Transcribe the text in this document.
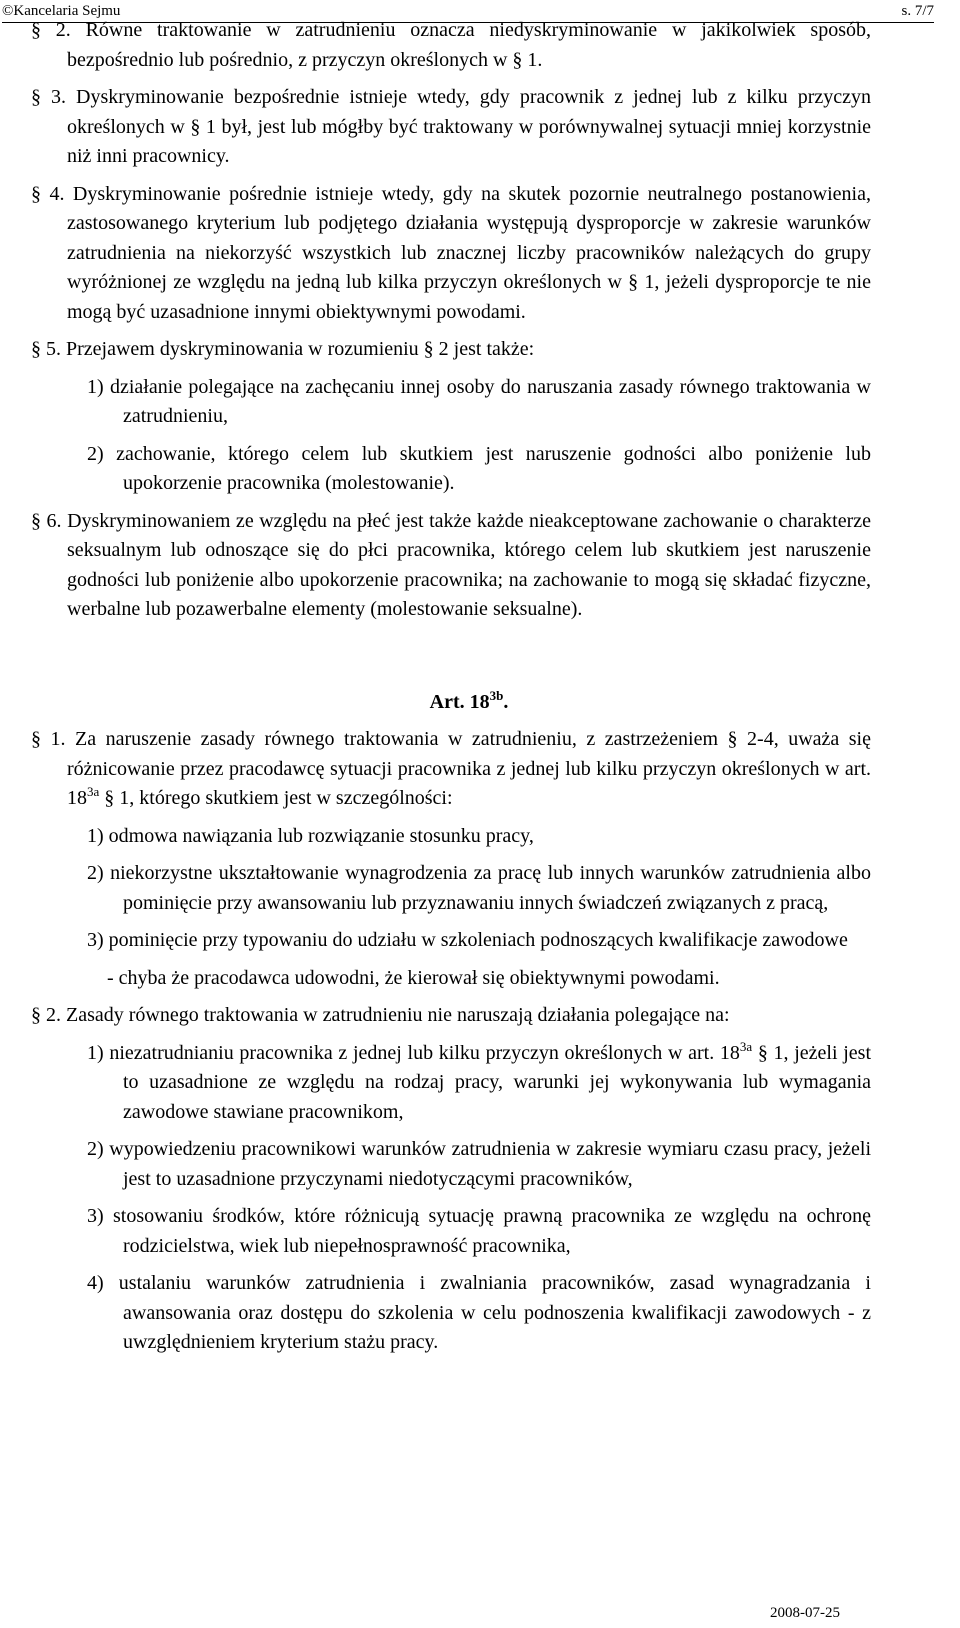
©Kancelaria Sejmu	s. 7/7

§ 2. Równe traktowanie w zatrudnieniu oznacza niedyskryminowanie w jakikolwiek sposób, bezpośrednio lub pośrednio, z przyczyn określonych w § 1.

§ 3. Dyskryminowanie bezpośrednie istnieje wtedy, gdy pracownik z jednej lub z kilku przyczyn określonych w § 1 był, jest lub mógłby być traktowany w porównywalnej sytuacji mniej korzystnie niż inni pracownicy.

§ 4. Dyskryminowanie pośrednie istnieje wtedy, gdy na skutek pozornie neutralnego postanowienia, zastosowanego kryterium lub podjętego działania występują dysproporcje w zakresie warunków zatrudnienia na niekorzyść wszystkich lub znacznej liczby pracowników należących do grupy wyróżnionej ze względu na jedną lub kilka przyczyn określonych w § 1, jeżeli dysproporcje te nie mogą być uzasadnione innymi obiektywnymi powodami.

§ 5. Przejawem dyskryminowania w rozumieniu § 2 jest także:

1) działanie polegające na zachęcaniu innej osoby do naruszania zasady równego traktowania w zatrudnieniu,

2) zachowanie, którego celem lub skutkiem jest naruszenie godności albo poniżenie lub upokorzenie pracownika (molestowanie).

§ 6. Dyskryminowaniem ze względu na płeć jest także każde nieakceptowane zachowanie o charakterze seksualnym lub odnoszące się do płci pracownika, którego celem lub skutkiem jest naruszenie godności lub poniżenie albo upokorzenie pracownika; na zachowanie to mogą się składać fizyczne, werbalne lub pozawerbalne elementy (molestowanie seksualne).

Art. $18^{3b}$.

§ 1. Za naruszenie zasady równego traktowania w zatrudnieniu, z zastrzeżeniem § 2-4, uważa się różnicowanie przez pracodawcę sytuacji pracownika z jednej lub kilku przyczyn określonych w art. $18^{3a}$ § 1, którego skutkiem jest w szczególności:

1) odmowa nawiązania lub rozwiązanie stosunku pracy,

2) niekorzystne ukształtowanie wynagrodzenia za pracę lub innych warunków zatrudnienia albo pominięcie przy awansowaniu lub przyznawaniu innych świadczeń związanych z pracą,

3) pominięcie przy typowaniu do udziału w szkoleniach podnoszących kwalifikacje zawodowe

- chyba że pracodawca udowodni, że kierował się obiektywnymi powodami.

§ 2. Zasady równego traktowania w zatrudnieniu nie naruszają działania polegające na:

1) niezatrudnianiu pracownika z jednej lub kilku przyczyn określonych w art. $18^{3a}$ § 1, jeżeli jest to uzasadnione ze względu na rodzaj pracy, warunki jej wykonywania lub wymagania zawodowe stawiane pracownikom,

2) wypowiedzeniu pracownikowi warunków zatrudnienia w zakresie wymiaru czasu pracy, jeżeli jest to uzasadnione przyczynami niedotyczącymi pracowników,

3) stosowaniu środków, które różnicują sytuację prawną pracownika ze względu na ochronę rodzicielstwa, wiek lub niepełnosprawność pracownika,

4) ustalaniu warunków zatrudnienia i zwalniania pracowników, zasad wynagradzania i awansowania oraz dostępu do szkolenia w celu podnoszenia kwalifikacji zawodowych - z uwzględnieniem kryterium stażu pracy.

2008-07-25
